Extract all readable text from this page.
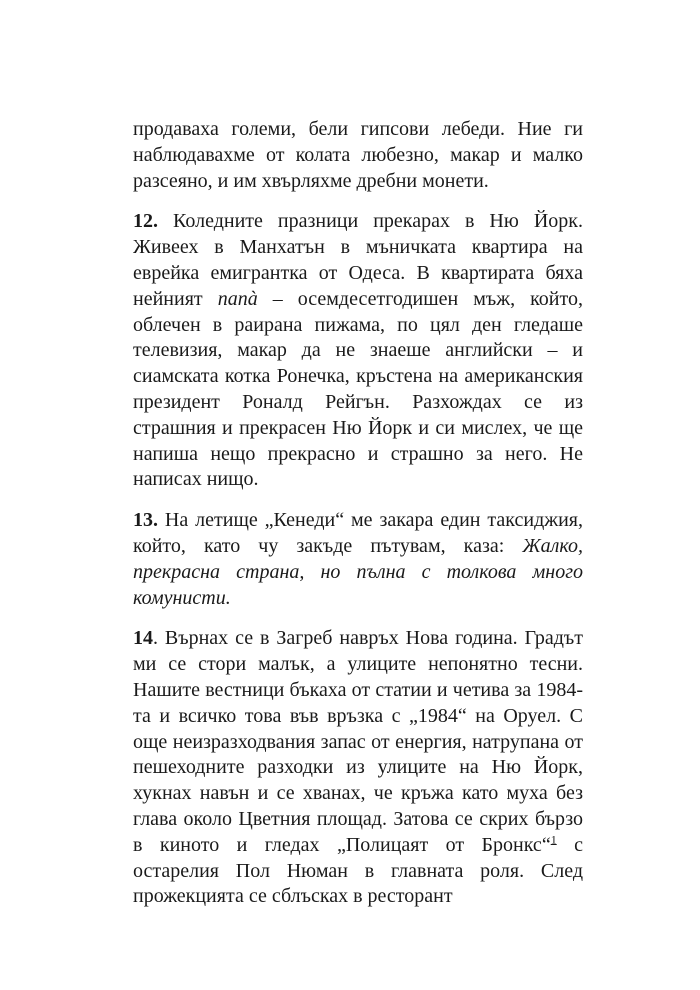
продаваха големи, бели гипсови лебеди. Ние ги наблюдавахме от колата любезно, макар и малко разсеяно, и им хвърляхме дребни монети.

12. Коледните празници прекарах в Ню Йорк. Живеех в Манхатън в мъничката квартира на еврейка емигрантка от Одеса. В квартирата бяха нейният папà – осемдесетгодишен мъж, който, облечен в раирана пижама, по цял ден гледаше телевизия, макар да не знаеше английски – и сиамската котка Ронечка, кръстена на американския президент Роналд Рейгън. Разхождах се из страшния и прекрасен Ню Йорк и си мислех, че ще напиша нещо прекрасно и страшно за него. Не написах нищо.

13. На летище „Кенеди“ ме закара един таксиджия, който, като чу закъде пътувам, каза: Жалко, прекрасна страна, но пълна с толкова много комунисти.

14. Върнах се в Загреб навръх Нова година. Градът ми се стори малък, а улиците непонятно тесни. Нашите вестници бъкаха от статии и четива за 1984-та и всичко това във връзка с „1984“ на Оруел. С още неизразходвания запас от енергия, натрупана от пешеходните разходки из улиците на Ню Йорк, хукнах навън и се хванах, че кръжа като муха без глава около Цветния площад. Затова се скрих бързо в киното и гледах „Полицаят от Бронкс“$^1$ с остарелия Пол Нюман в главната роля. След прожекцията се сблъсках в ресторант
